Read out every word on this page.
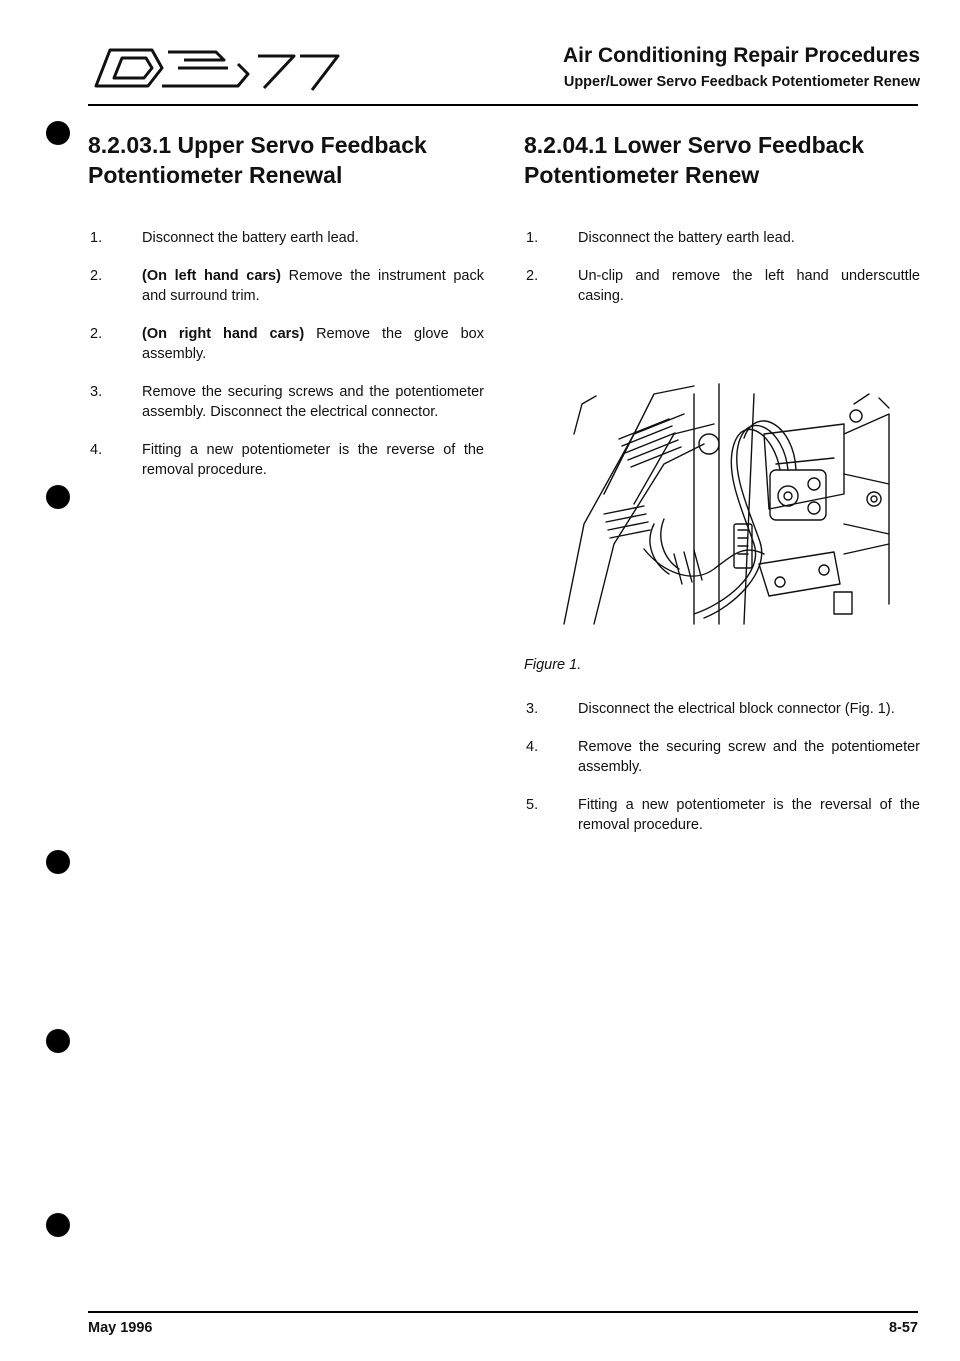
Air Conditioning Repair Procedures
Upper/Lower Servo Feedback Potentiometer Renew
8.2.03.1 Upper Servo Feedback
Potentiometer Renewal
1.	Disconnect the battery earth lead.
2.	(On left hand cars) Remove the instrument pack and surround trim.
2.	(On right hand cars) Remove the glove box assembly.
3.	Remove the securing screws and the potentiometer assembly. Disconnect the electrical connector.
4.	Fitting a new potentiometer is the reverse of the removal procedure.
8.2.04.1 Lower Servo Feedback
Potentiometer Renew
1.	Disconnect the battery earth lead.
2.	Un-clip and remove the left hand underscuttle casing.
Figure 1.
3.	Disconnect the electrical block connector (Fig. 1).
4.	Remove the securing screw and the potentiometer assembly.
5.	Fitting a new potentiometer is the reversal of the removal procedure.
May 1996	8-57
